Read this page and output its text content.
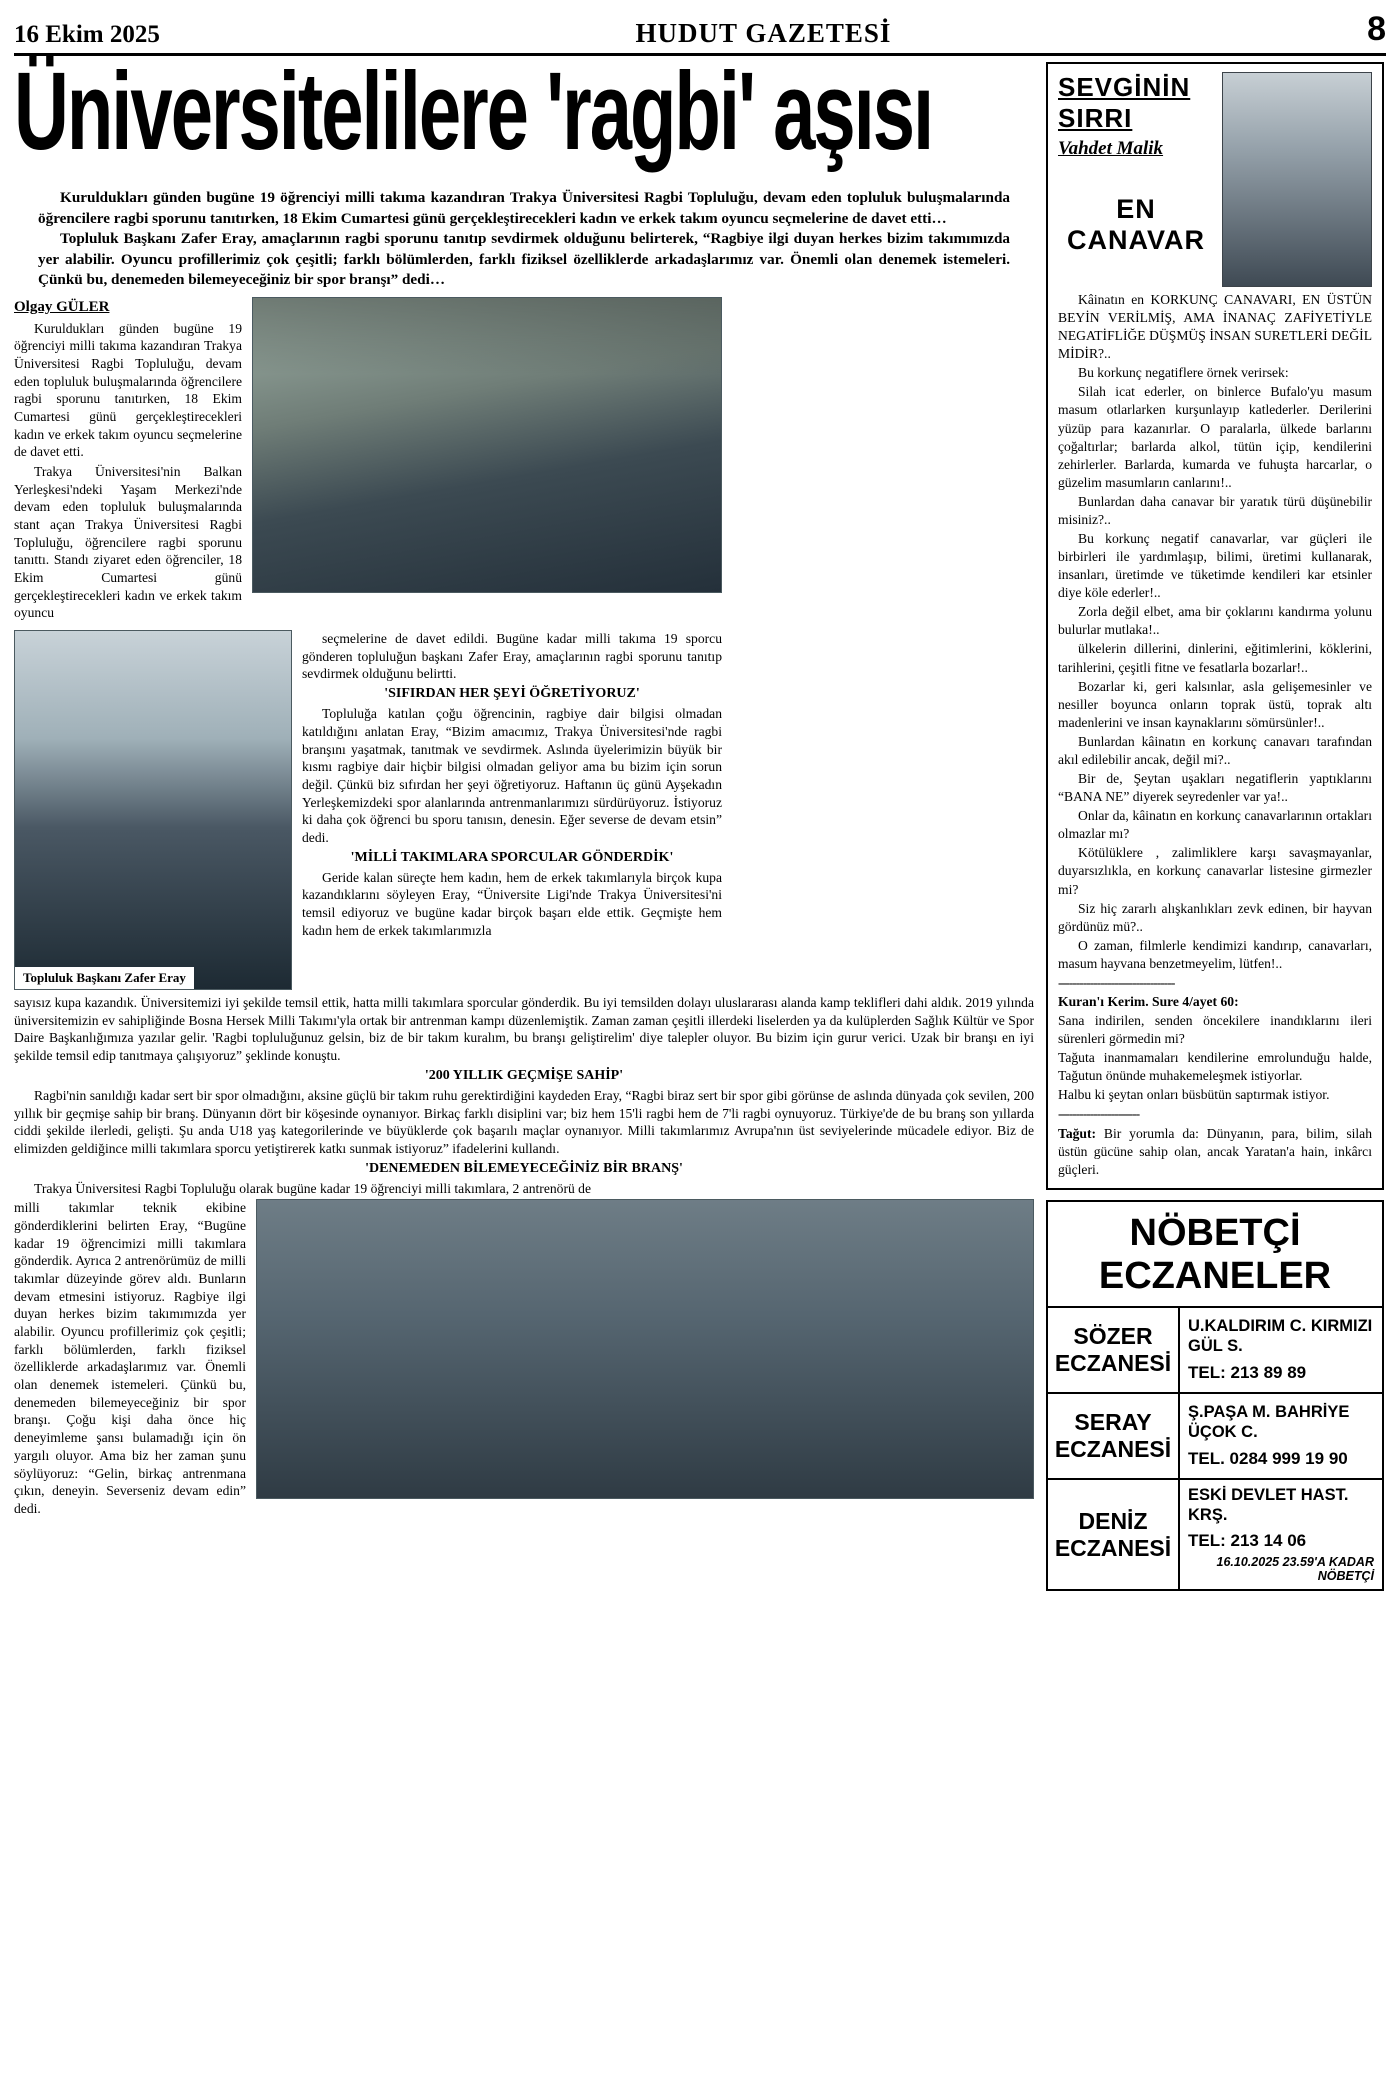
16 Ekim 2025	HUDUT GAZETESİ	8
Üniversitelilere 'ragbi' aşısı
Kuruldukları günden bugüne 19 öğrenciyi milli takıma kazandıran Trakya Üniversitesi Ragbi Topluluğu, devam eden topluluk buluşmalarında öğrencilere ragbi sporunu tanıtırken, 18 Ekim Cumartesi günü gerçekleştirecekleri kadın ve erkek takım oyuncu seçmelerine de davet etti…
Topluluk Başkanı Zafer Eray, amaçlarının ragbi sporunu tanıtıp sevdirmek olduğunu belirterek, “Ragbiye ilgi duyan herkes bizim takımımızda yer alabilir. Oyuncu profillerimiz çok çeşitli; farklı bölümlerden, farklı fiziksel özelliklerde arkadaşlarımız var. Önemli olan denemek istemeleri. Çünkü bu, denemeden bilemeyeceğiniz bir spor branşı” dedi…
Olgay GÜLER

Kuruldukları günden bugüne 19 öğrenciyi milli takıma kazandıran Trakya Üniversitesi Ragbi Topluluğu, devam eden topluluk buluşmalarında öğrencilere ragbi sporunu tanıtırken, 18 Ekim Cumartesi günü gerçekleştirecekleri kadın ve erkek takım oyuncu seçmelerine de davet etti.

Trakya Üniversitesi'nin Balkan Yerleşkesi'ndeki Yaşam Merkezi'nde devam eden topluluk buluşmalarında stant açan Trakya Üniversitesi Ragbi Topluluğu, öğrencilere ragbi sporunu tanıttı. Standı ziyaret eden öğrenciler, 18 Ekim Cumartesi günü gerçekleştirecekleri kadın ve erkek takım oyuncu

Topluluk Başkanı Zafer Eray

seçmelerine de davet edildi. Bugüne kadar milli takıma 19 sporcu gönderen topluluğun başkanı Zafer Eray, amaçlarının ragbi sporunu tanıtıp sevdirmek olduğunu belirtti.

'SIFIRDAN HER ŞEYİ ÖĞRETİYORUZ'

Topluluğa katılan çoğu öğrencinin, ragbiye dair bilgisi olmadan katıldığını anlatan Eray, “Bizim amacımız, Trakya Üniversitesi'nde ragbi branşını yaşatmak, tanıtmak ve sevdirmek. Aslında üyelerimizin büyük bir kısmı ragbiye dair hiçbir bilgisi olmadan geliyor ama bu bizim için sorun değil. Çünkü biz sıfırdan her şeyi öğretiyoruz. Haftanın üç günü Ayşekadın Yerleşkemizdeki spor alanlarında antrenmanlarımızı sürdürüyoruz. İstiyoruz ki daha çok öğrenci bu sporu tanısın, denesin. Eğer severse de devam etsin” dedi.

'MİLLİ TAKIMLARA SPORCULAR GÖNDERDİK'

Geride kalan süreçte hem kadın, hem de erkek takımlarıyla birçok kupa kazandıklarını söyleyen Eray, “Üniversite Ligi'nde Trakya Üniversitesi'ni temsil ediyoruz ve bugüne kadar birçok başarı elde ettik. Geçmişte hem kadın hem de erkek takımlarımızla

sayısız kupa kazandık. Üniversitemizi iyi şekilde temsil ettik, hatta milli takımlara sporcular gönderdik. Bu iyi temsilden dolayı uluslararası alanda kamp teklifleri dahi aldık. 2019 yılında üniversitemizin ev sahipliğinde Bosna Hersek Milli Takımı'yla ortak bir antrenman kampı düzenlemiştik. Zaman zaman çeşitli illerdeki liselerden ya da kulüplerden Sağlık Kültür ve Spor Daire Başkanlığımıza yazılar gelir. 'Ragbi topluluğunuz gelsin, biz de bir takım kuralım, bu branşı geliştirelim' diye talepler oluyor. Bu bizim için gurur verici. Uzak bir branşı en iyi şekilde temsil edip tanıtmaya çalışıyoruz” şeklinde konuştu.

'200 YILLIK GEÇMİŞE SAHİP'

Ragbi'nin sanıldığı kadar sert bir spor olmadığını, aksine güçlü bir takım ruhu gerektirdiğini kaydeden Eray, “Ragbi biraz sert bir spor gibi görünse de aslında dünyada çok sevilen, 200 yıllık bir geçmişe sahip bir branş. Dünyanın dört bir köşesinde oynanıyor. Birkaç farklı disiplini var; biz hem 15'li ragbi hem de 7'li ragbi oynuyoruz. Türkiye'de de bu branş son yıllarda ciddi şekilde ilerledi, gelişti. Şu anda U18 yaş kategorilerinde ve büyüklerde çok başarılı maçlar oynanıyor. Milli takımlarımız Avrupa'nın üst seviyelerinde mücadele ediyor. Biz de elimizden geldiğince milli takımlara sporcu yetiştirerek katkı sunmak istiyoruz” ifadelerini kullandı.

'DENEMEDEN BİLEMEYECEĞİNİZ BİR BRANŞ'

Trakya Üniversitesi Ragbi Topluluğu olarak bugüne kadar 19 öğrenciyi milli takımlara, 2 antrenörü de

milli takımlar teknik ekibine gönderdiklerini belirten Eray, “Bugüne kadar 19 öğrencimizi milli takımlara gönderdik. Ayrıca 2 antrenörümüz de milli takımlar düzeyinde görev aldı. Bunların devam etmesini istiyoruz. Ragbiye ilgi duyan herkes bizim takımımızda yer alabilir. Oyuncu profillerimiz çok çeşitli; farklı bölümlerden, farklı fiziksel özelliklerde arkadaşlarımız var. Önemli olan denemek istemeleri. Çünkü bu, denemeden bilemeyeceğiniz bir spor branşı. Çoğu kişi daha önce hiç deneyimleme şansı bulamadığı için ön yargılı oluyor. Ama biz her zaman şunu söylüyoruz: “Gelin, birkaç antrenmana çıkın, deneyin. Severseniz devam edin” dedi.

SEVGİNİN SIRRI
Vahdet Malik
EN CANAVAR

Kâinatın en KORKUNÇ CANAVARI, EN ÜSTÜN BEYİN VERİLMİŞ, AMA İNANAÇ ZAFİYETİYLE NEGATİFLİĞE DÜŞMÜŞ İNSAN SURETLERİ DEĞİL MİDİR?..

Bu korkunç negatiflere örnek verirsek:

Silah icat ederler, on binlerce Bufalo'yu masum masum otlarlarken kurşunlayıp katlederler. Derilerini yüzüp para kazanırlar. O paralarla, ülkede barlarını çoğaltırlar; barlarda alkol, tütün içip, kendilerini zehirlerler. Barlarda, kumarda ve fuhuşta harcarlar, o güzelim masumların canlarını!..

Bunlardan daha canavar bir yaratık türü düşünebilir misiniz?..

Bu korkunç negatif canavarlar, var güçleri ile birbirleri ile yardımlaşıp, bilimi, üretimi kullanarak, insanları, üretimde ve tüketimde kendileri kar etsinler diye köle ederler!..

Zorla değil elbet, ama bir çoklarını kandırma yolunu bulurlar mutlaka!..

ülkelerin dillerini, dinlerini, eğitimlerini, köklerini, tarihlerini, çeşitli fitne ve fesatlarla bozarlar!..

Bozarlar ki, geri kalsınlar, asla gelişemesinler ve nesiller boyunca onların toprak üstü, toprak altı madenlerini ve insan kaynaklarını sömürsünler!..

Bunlardan kâinatın en korkunç canavarı tarafından akıl edilebilir ancak, değil mi?..

Bir de, Şeytan uşakları negatiflerin yaptıklarını “BANA NE” diyerek seyredenler var ya!..

Onlar da, kâinatın en korkunç canavarlarının ortakları olmazlar mı?

Kötülüklere , zalimliklere karşı savaşmayanlar, duyarsızlıkla, en korkunç canavarlar listesine girmezler mi?

Siz hiç zararlı alışkanlıkları zevk edinen, bir hayvan gördünüz mü?..

O zaman, filmlerle kendimizi kandırıp, canavarları, masum hayvana benzetmeyelim, lütfen!..

---------------------------------

Kuran'ı Kerim. Sure 4/ayet 60:

Sana indirilen, senden öncekilere inandıklarını ileri sürenleri görmedin mi?

Tağuta inanmamaları kendilerine emrolunduğu halde, Tağutun önünde muhakemeleşmek istiyorlar.

Halbu ki şeytan onları büsbütün saptırmak istiyor.

-----------------------

Tağut: Bir yorumla da: Dünyanın, para, bilim, silah üstün gücüne sahip olan, ancak Yaratan'a hain, inkârcı güçleri.

NÖBETÇİ ECZANELER
SÖZER
ECZANESİ
U.KALDIRIM C. KIRMIZI GÜL S.
TEL: 213 89 89
SERAY
ECZANESİ
Ş.PAŞA M. BAHRİYE ÜÇOK C.
TEL. 0284 999 19 90
DENİZ
ECZANESİ
ESKİ DEVLET HAST. KRŞ.
TEL: 213 14 06
16.10.2025 23.59'A KADAR NÖBETÇİ
